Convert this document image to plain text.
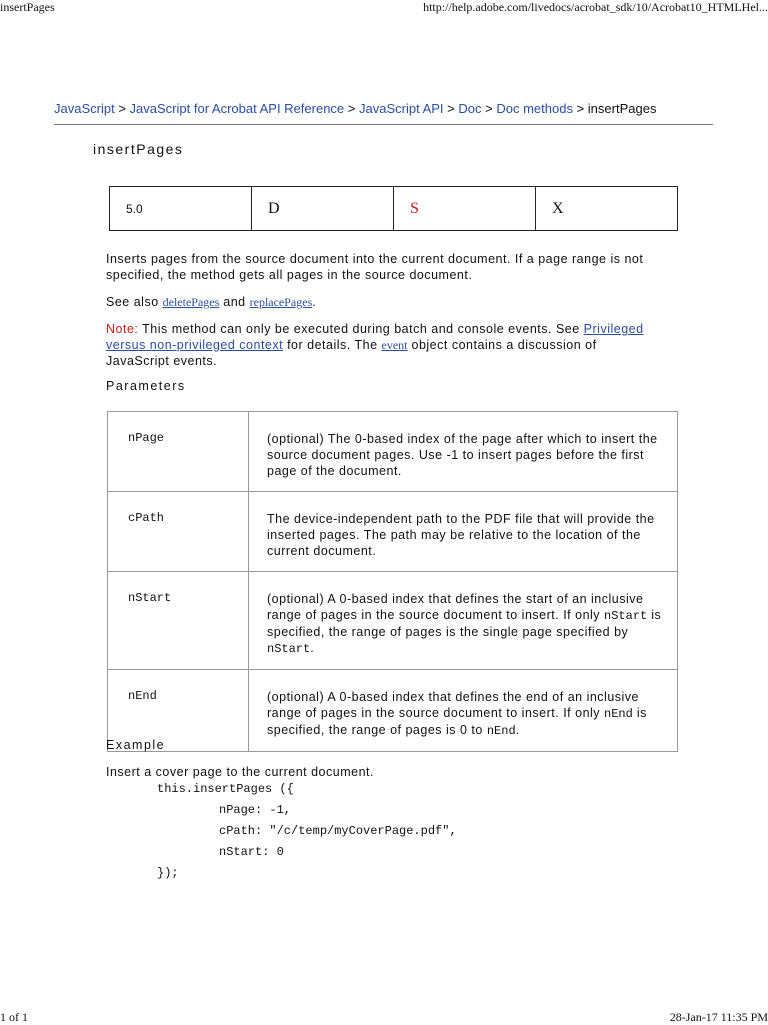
insertPages	http://help.adobe.com/livedocs/acrobat_sdk/10/Acrobat10_HTMLHel...
JavaScript > JavaScript for Acrobat API Reference > JavaScript API > Doc > Doc methods > insertPages
insertPages
5.0	D	S	X
Inserts pages from the source document into the current document. If a page range is not specified, the method gets all pages in the source document.
See also deletePages and replacePages.
Note: This method can only be executed during batch and console events. See Privileged versus non-privileged context for details. The event object contains a discussion of JavaScript events.
Parameters
nPage	(optional) The 0-based index of the page after which to insert the source document pages. Use -1 to insert pages before the first page of the document.
cPath	The device-independent path to the PDF file that will provide the inserted pages. The path may be relative to the location of the current document.
nStart	(optional) A 0-based index that defines the start of an inclusive range of pages in the source document to insert. If only nStart is specified, the range of pages is the single page specified by nStart.
nEnd	(optional) A 0-based index that defines the end of an inclusive range of pages in the source document to insert. If only nEnd is specified, the range of pages is 0 to nEnd.
Example
Insert a cover page to the current document.
this.insertPages ({
nPage: -1,
cPath: "/c/temp/myCoverPage.pdf",
nStart: 0
});
1 of 1	28-Jan-17 11:35 PM
